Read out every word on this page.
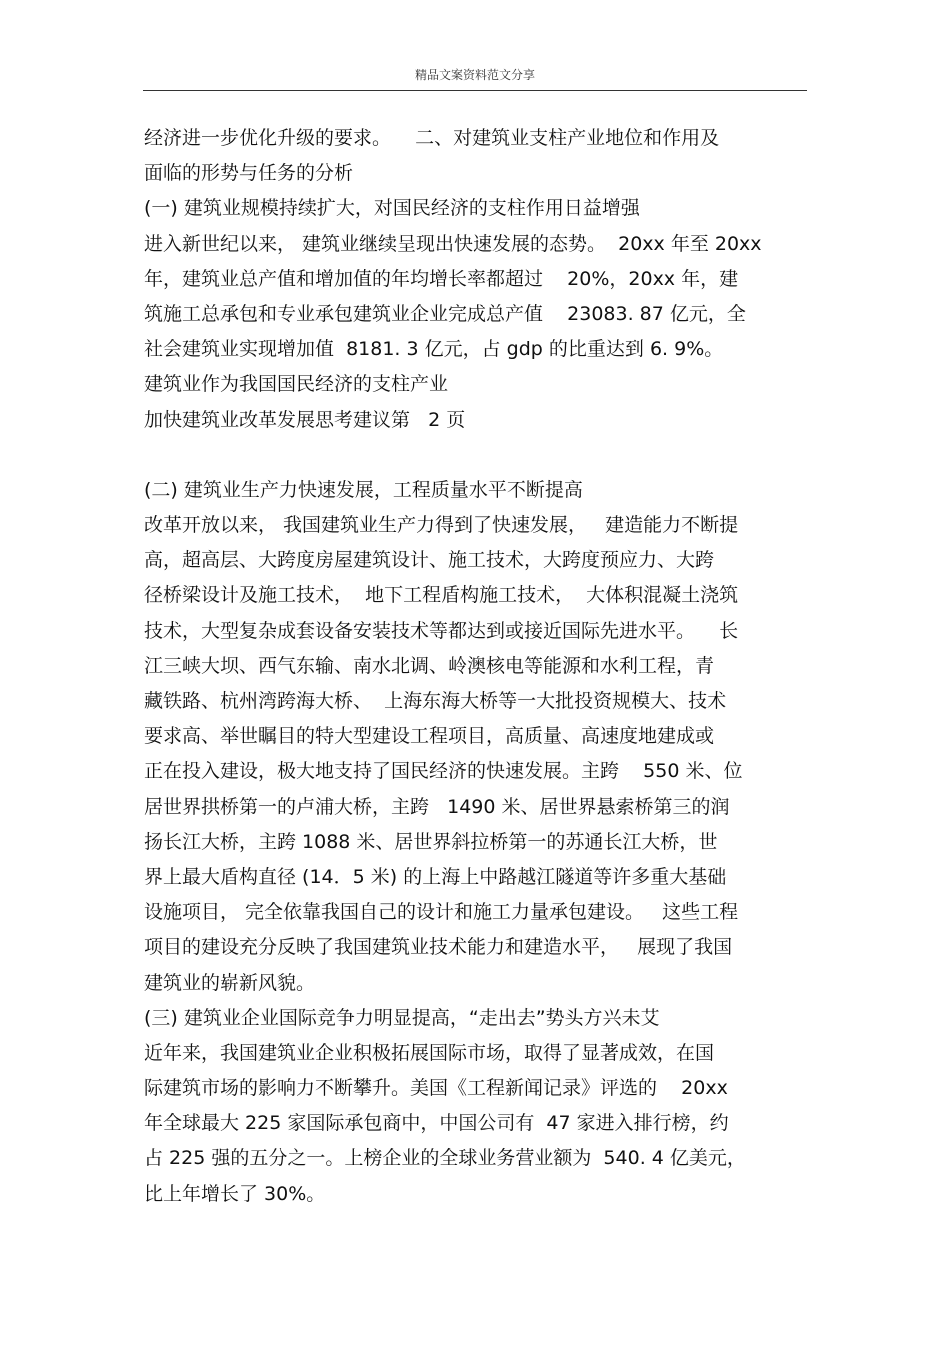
精品文案资料范文分享
经济进一步优化升级的要求。    二、对建筑业支柱产业地位和作用及
面临的形势与任务的分析
(一) 建筑业规模持续扩大，对国民经济的支柱作用日益增强
进入新世纪以来， 建筑业继续呈现出快速发展的态势。  20xx 年至 20xx
年，建筑业总产值和增加值的年均增长率都超过    20%，20xx 年，建
筑施工总承包和专业承包建筑业企业完成总产值    23083. 87 亿元，全
社会建筑业实现增加值  8181. 3 亿元，占 gdp 的比重达到 6. 9%。
建筑业作为我国国民经济的支柱产业
加快建筑业改革发展思考建议第   2 页
(二) 建筑业生产力快速发展，工程质量水平不断提高
改革开放以来， 我国建筑业生产力得到了快速发展，   建造能力不断提
高，超高层、大跨度房屋建筑设计、施工技术，大跨度预应力、大跨
径桥梁设计及施工技术，  地下工程盾构施工技术，  大体积混凝土浇筑
技术，大型复杂成套设备安装技术等都达到或接近国际先进水平。    长
江三峡大坝、西气东输、南水北调、岭澳核电等能源和水利工程，青
藏铁路、杭州湾跨海大桥、  上海东海大桥等一大批投资规模大、技术
要求高、举世瞩目的特大型建设工程项目，高质量、高速度地建成或
正在投入建设，极大地支持了国民经济的快速发展。主跨    550 米、位
居世界拱桥第一的卢浦大桥，主跨   1490 米、居世界悬索桥第三的润
扬长江大桥，主跨 1088 米、居世界斜拉桥第一的苏通长江大桥，世
界上最大盾构直径 (14．5 米) 的上海上中路越江隧道等许多重大基础
设施项目， 完全依靠我国自己的设计和施工力量承包建设。   这些工程
项目的建设充分反映了我国建筑业技术能力和建造水平，   展现了我国
建筑业的崭新风貌。
(三) 建筑业企业国际竞争力明显提高，“走出去”势头方兴未艾
近年来，我国建筑业企业积极拓展国际市场，取得了显著成效，在国
际建筑市场的影响力不断攀升。美国《工程新闻记录》评选的    20xx
年全球最大 225 家国际承包商中，中国公司有  47 家进入排行榜，约
占 225 强的五分之一。上榜企业的全球业务营业额为  540. 4 亿美元，
比上年增长了 30%。
